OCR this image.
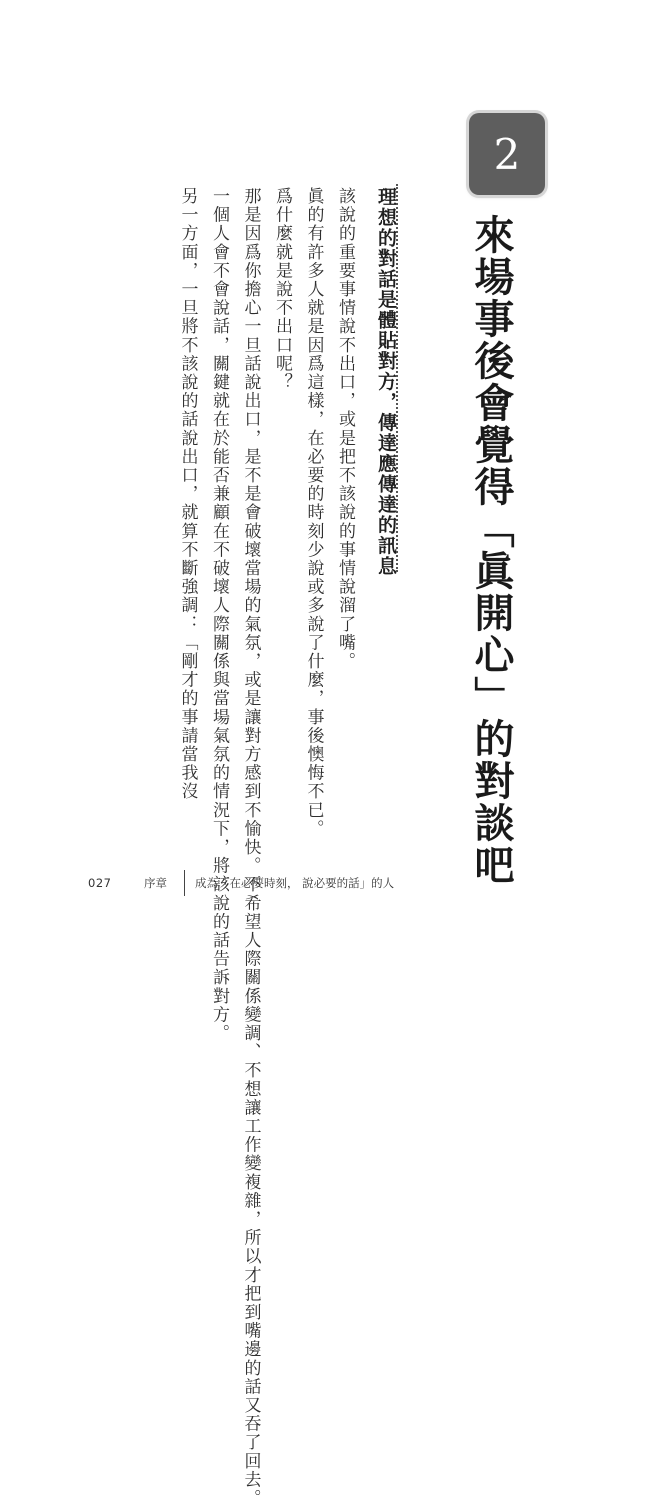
2
來場事後會覺得「眞開心」的對談吧
理想的對話是體貼對方，傳達應傳達的訊息
該說的重要事情說不出口，或是把不該說的事情說溜了嘴。
眞的有許多人就是因爲這樣，在必要的時刻少說或多說了什麼，事後懊悔不已。
爲什麼就是說不出口呢？
那是因爲你擔心一旦話說出口，是不是會破壞當場的氣氛，或是讓對方感到不愉快。不希望人際關係變調、不想讓工作變複雜，所以才把到嘴邊的話又吞了回去。
一個人會不會說話，關鍵就在於能否兼顧在不破壞人際關係與當場氣氛的情況下，將該說的話告訴對方。
另一方面，一旦將不該說的話說出口，就算不斷強調：「剛才的事請當我沒
027	序章	成為「在必要時刻， 說必要的話」的人
